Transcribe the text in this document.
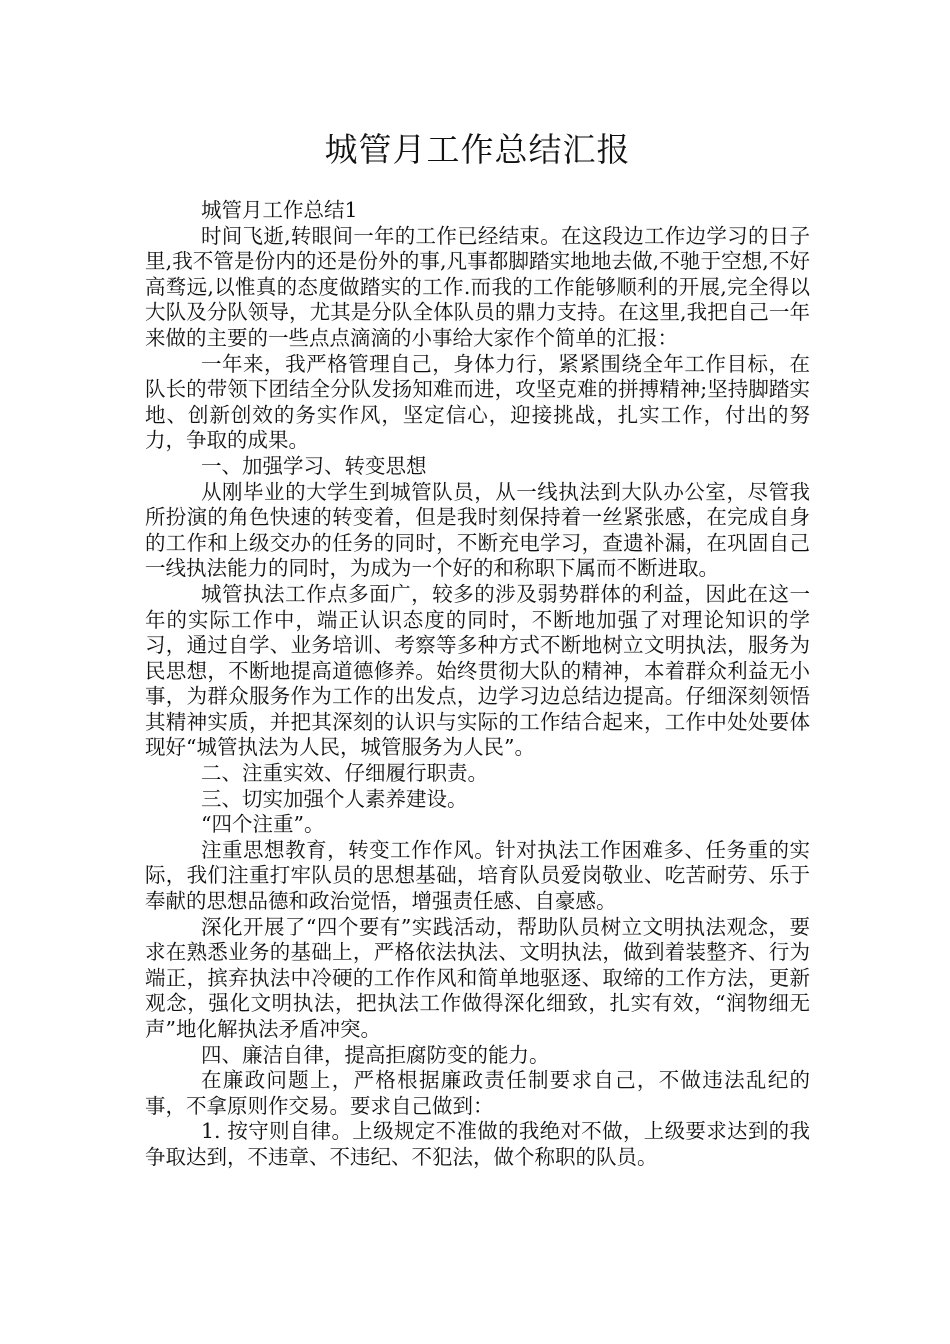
城管月工作总结汇报

城管月工作总结1

时间飞逝,转眼间一年的工作已经结束。在这段边工作边学习的日子里,我不管是份内的还是份外的事,凡事都脚踏实地地去做,不驰于空想,不好高骛远,以惟真的态度做踏实的工作.而我的工作能够顺利的开展,完全得以大队及分队领导，尤其是分队全体队员的鼎力支持。在这里,我把自己一年来做的主要的一些点点滴滴的小事给大家作个简单的汇报：

一年来，我严格管理自己，身体力行，紧紧围绕全年工作目标，在队长的带领下团结全分队发扬知难而进，攻坚克难的拼搏精神;坚持脚踏实地、创新创效的务实作风，坚定信心，迎接挑战，扎实工作，付出的努力，争取的成果。

一、加强学习、转变思想

从刚毕业的大学生到城管队员，从一线执法到大队办公室，尽管我所扮演的角色快速的转变着，但是我时刻保持着一丝紧张感，在完成自身的工作和上级交办的任务的同时，不断充电学习，查遗补漏，在巩固自己一线执法能力的同时，为成为一个好的和称职下属而不断进取。

城管执法工作点多面广，较多的涉及弱势群体的利益，因此在这一年的实际工作中，端正认识态度的同时，不断地加强了对理论知识的学习，通过自学、业务培训、考察等多种方式不断地树立文明执法，服务为民思想，不断地提高道德修养。始终贯彻大队的精神，本着群众利益无小事，为群众服务作为工作的出发点，边学习边总结边提高。仔细深刻领悟其精神实质，并把其深刻的认识与实际的工作结合起来，工作中处处要体现好“城管执法为人民，城管服务为人民”。

二、注重实效、仔细履行职责。

三、切实加强个人素养建设。

“四个注重”。

注重思想教育，转变工作作风。针对执法工作困难多、任务重的实际，我们注重打牢队员的思想基础，培育队员爱岗敬业、吃苦耐劳、乐于奉献的思想品德和政治觉悟，增强责任感、自豪感。

深化开展了“四个要有”实践活动，帮助队员树立文明执法观念，要求在熟悉业务的基础上，严格依法执法、文明执法，做到着装整齐、行为端正，摈弃执法中冷硬的工作作风和简单地驱逐、取缔的工作方法，更新观念，强化文明执法，把执法工作做得深化细致，扎实有效，“润物细无声”地化解执法矛盾冲突。

四、廉洁自律，提高拒腐防变的能力。

在廉政问题上，严格根据廉政责任制要求自己，不做违法乱纪的事，不拿原则作交易。要求自己做到：

1. 按守则自律。上级规定不准做的我绝对不做，上级要求达到的我争取达到，不违章、不违纪、不犯法，做个称职的队员。
